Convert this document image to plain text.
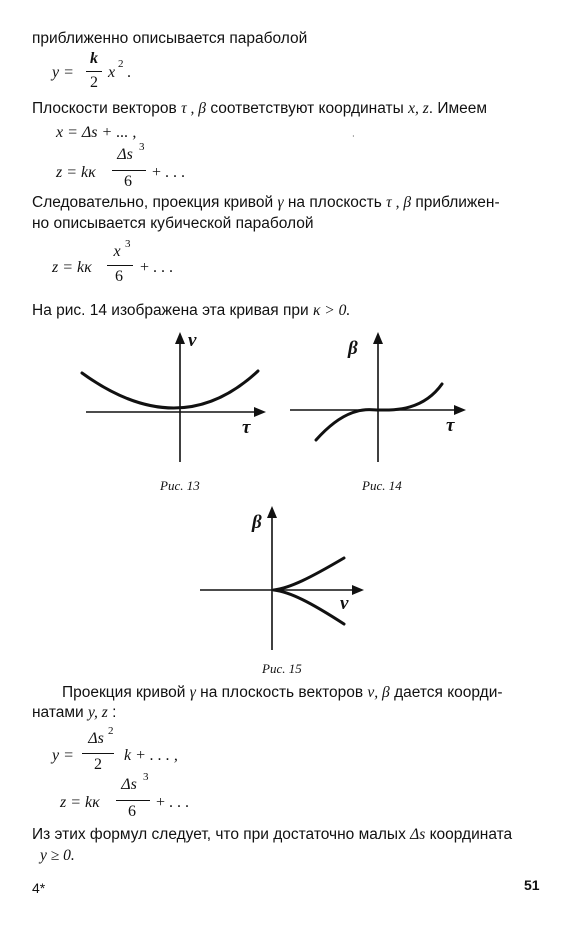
приближенно описывается параболой
y =
k
2
x 2 .
Плоскости векторов τ , β соответствуют координаты x, z. Имеем
x = Δs + ... ,
z = kκ
Δs 3
6
+ . . .
·
Следовательно, проекция кривой γ на плоскость τ , β приближен-
но описывается кубической параболой
z = kκ
x 3
6
+ . . .
На рис. 14 изображена эта кривая при κ > 0.
ν
τ
Рис. 13
β
τ
Рис. 14
β
ν
Рис. 15
Проекция кривой γ на плоскость векторов ν, β дается коорди-
натами y, z :
y =
Δs 2
2
k + . . . ,
z = kκ
Δs 3
6
+ . . .
Из этих формул следует, что при достаточно малых Δs координата
y ≥ 0.
4*	51
